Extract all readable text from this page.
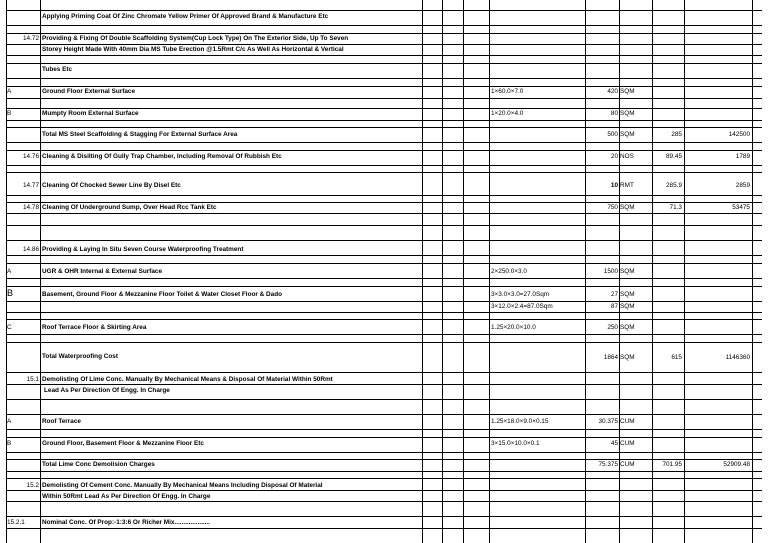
Applying Priming Coat Of Zinc Chromate Yellow Primer Of Approved Brand & Manufacture Etc
14.72 Providing & Fixing Of Double Scaffolding System(Cup Lock Type) On The Exterior Side, Up To Seven
Storey Height Made With 40mm Dia MS Tube Erection @1.5Rmt C/c As Well As Horizontal & Vertical
Tubes Etc
A	Ground Floor External Surface	1×60.0×7.0	420 SQM
B	Mumpty Room External Surface	1×20.0×4.0	80 SQM
Total MS Steel Scaffolding & Stagging For External Surface Area	500 SQM	285	142500
14.76 Cleaning & Disilting Of Gully Trap Chamber, Including Removal Of Rubbish Etc	20 NOS	89.45	1789
14.77 Cleaning Of Chocked Sewer Line By Disel Etc	10 RMT	285.9	2859
14.78 Cleaning Of Underground Sump, Over Head Rcc Tank Etc	750 SQM	71.3	53475
14.86 Providing & Laying In Situ Seven Course Waterproofing Treatment
A	UGR & OHR Internal & External Surface	2×250.0×3.0	1500 SQM
B	Basement, Ground Floor & Mezzanine Floor Toilet & Water Closet Floor & Dado	3×3.0×3.0=27.0Sqm	27 SQM
3×12.0×2.4=87.0Sqm	87 SQM
C	Roof Terrace Floor & Skirting Area	1.25×20.0×10.0	250 SQM
Total Waterproofing Cost	1864 SQM	615	1146360
15.1 Demolisting Of Lime Conc. Manually By Mechanical Means & Disposal Of Material Within 50Rmt
Lead As Per Direction Of Engg. In Charge
A	Roof Terrace	1.25×18.0×9.0×0.15	30.375 CUM
B	Ground Floor, Basement Floor & Mezzanine Floor Etc	3×15.0×10.0×0.1	45 CUM
Total Lime Conc Demolision Charges	75.375 CUM	701.95	52909.48
15.2 Demolisting Of Cement Conc. Manually By Mechanical Means Including Disposal Of Material
Within 50Rmt Lead As Per Direction Of Engg. In Charge
15.2.1	Nominal Conc. Of Prop:-1:3:6 Or Richer Mix....................
